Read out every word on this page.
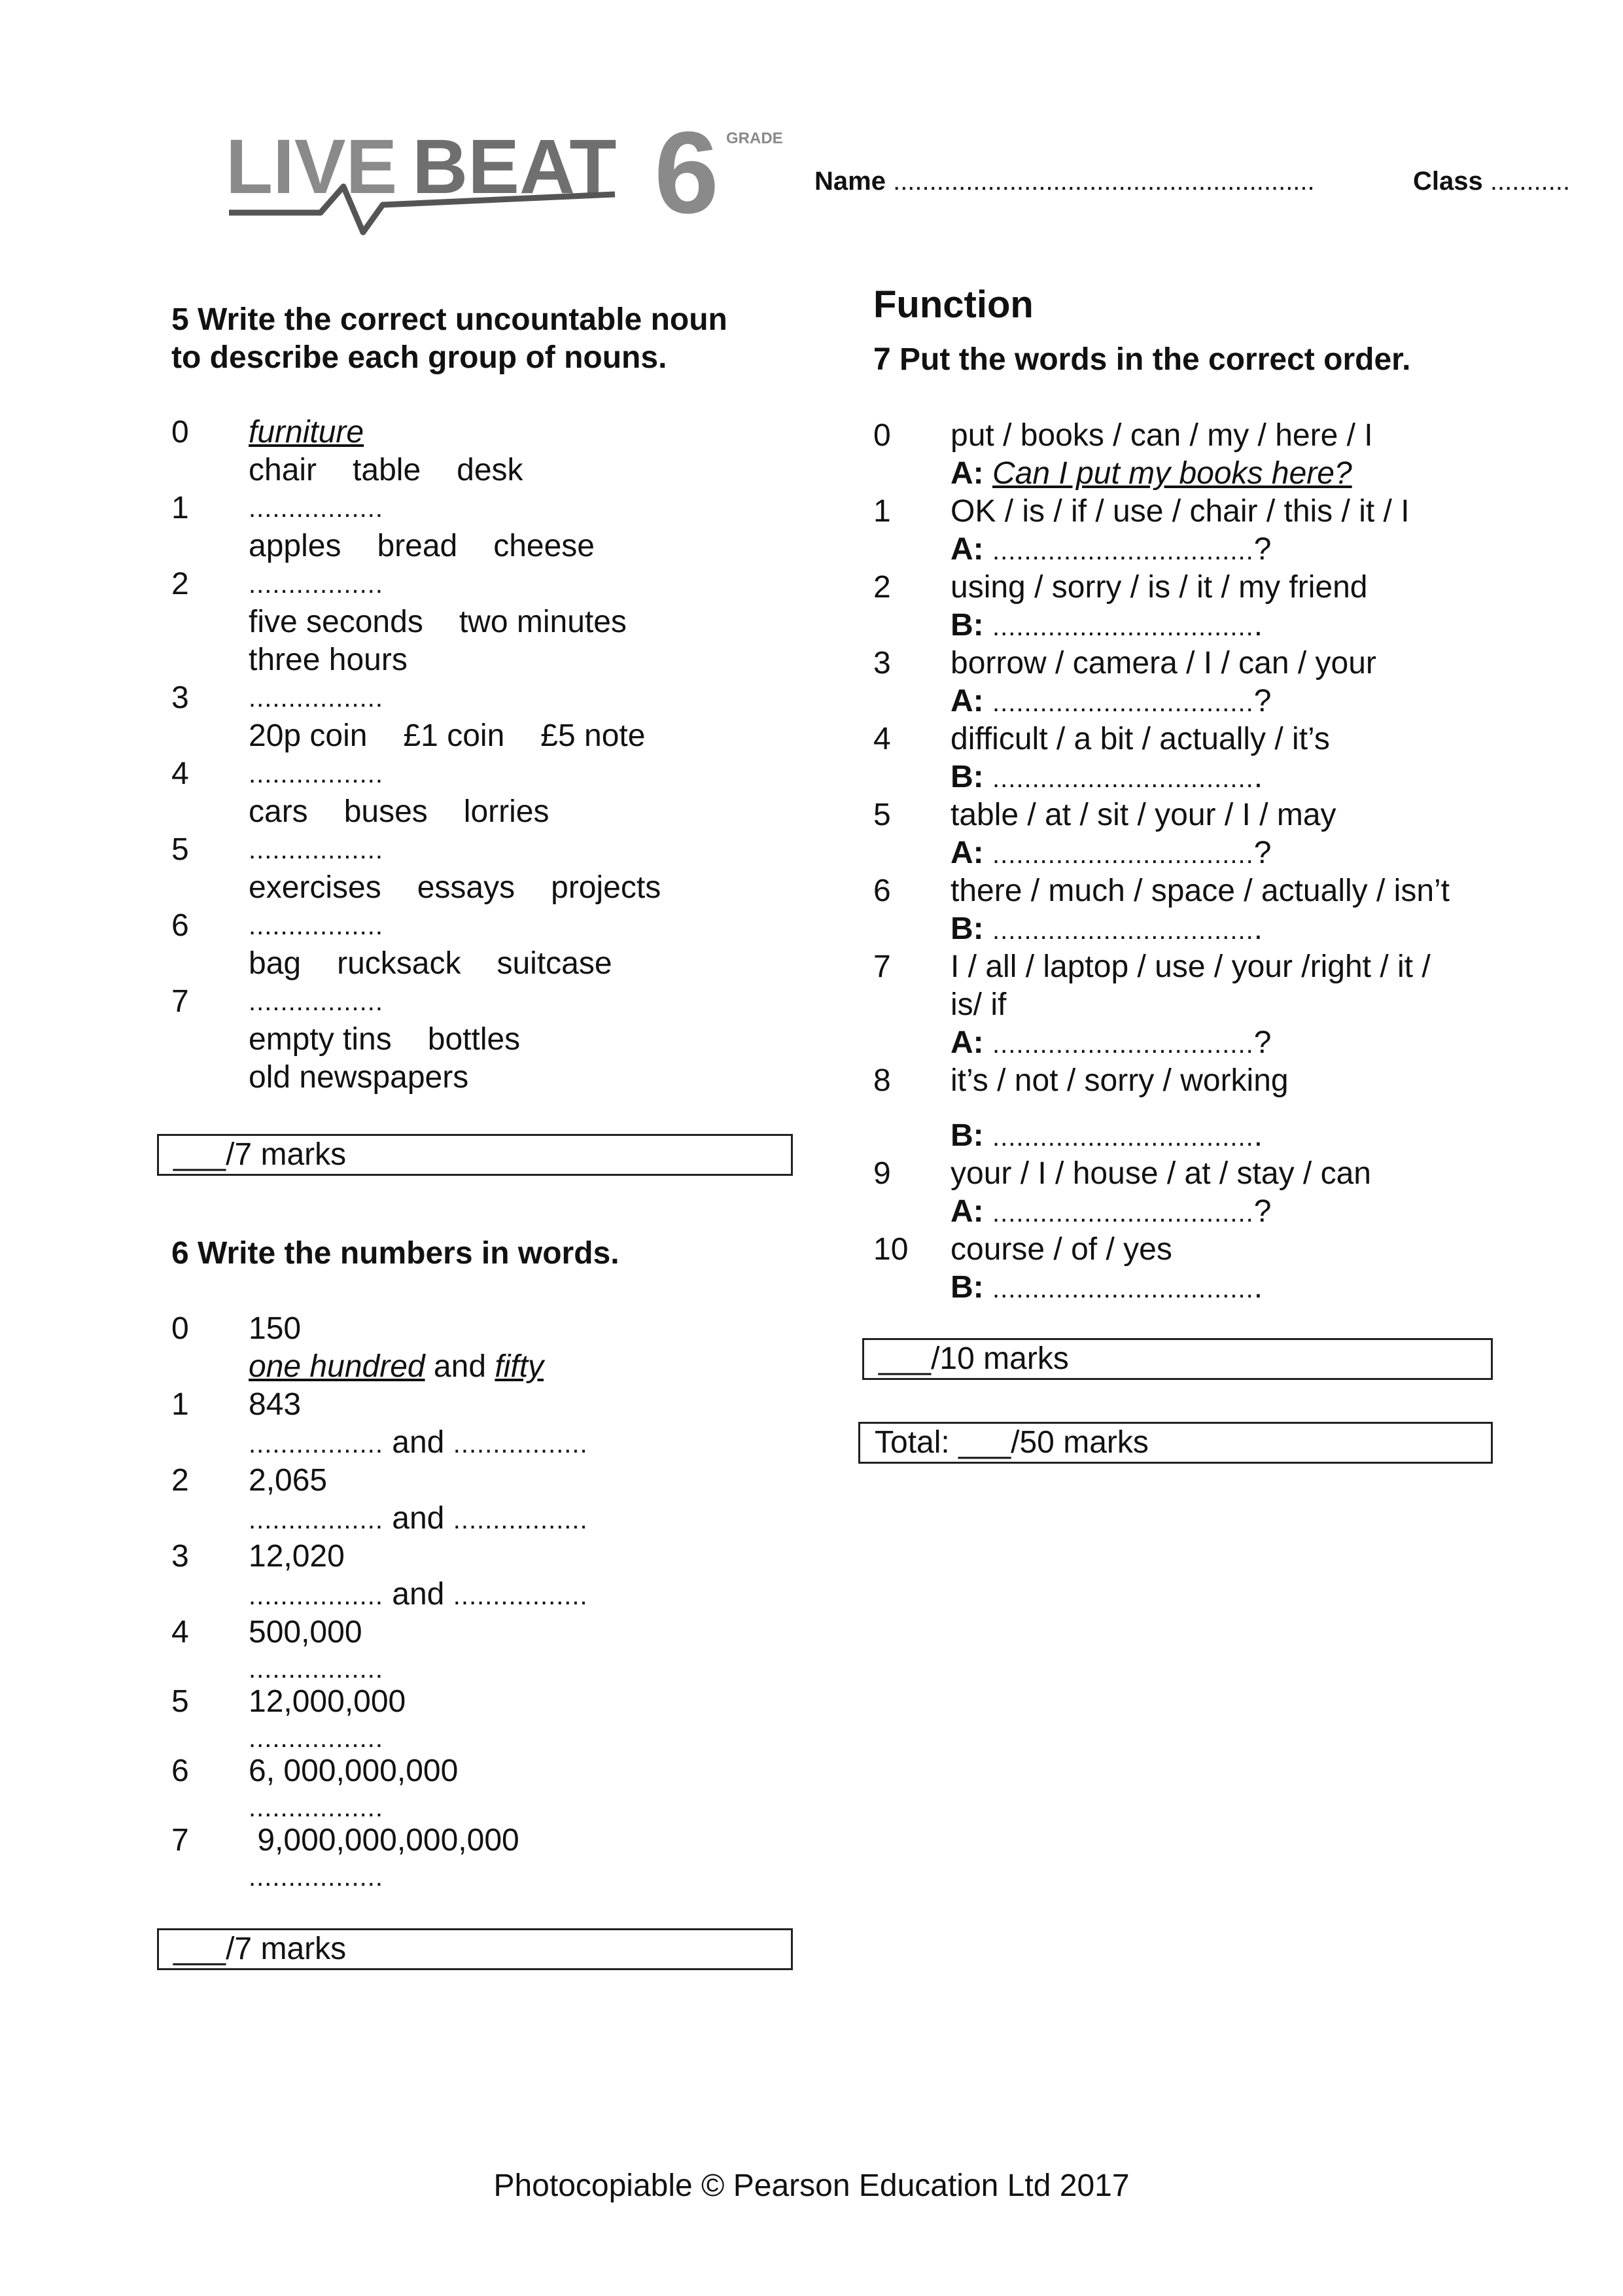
LIVE BEAT 6 GRADE
Name ..........................................................	Class ...........
5 Write the correct uncountable noun
to describe each group of nouns.
0 furniture
chair table desk
1 .................
apples bread cheese
2 .................
five seconds two minutes
three hours
3 .................
20p coin £1 coin £5 note
4 .................
cars buses lorries
5 .................
exercises essays projects
6 .................
bag rucksack suitcase
7 .................
empty tins bottles
old newspapers
___/7 marks
6 Write the numbers in words.
0 150
one hundred and fifty
1 843
................. and .................
2 2,065
................. and .................
3 12,020
................. and .................
4 500,000
.................
5 12,000,000
.................
6 6, 000,000,000
.................
7 9,000,000,000,000
.................
___/7 marks
Function
7 Put the words in the correct order.
0 put / books / can / my / here / I
A: Can I put my books here?
1 OK / is / if / use / chair / this / it / I
A: .................................?
2 using / sorry / is / it / my friend
B: ..................................
3 borrow / camera / I / can / your
A: .................................?
4 difficult / a bit / actually / it’s
B: ..................................
5 table / at / sit / your / I / may
A: .................................?
6 there / much / space / actually / isn’t
B: ..................................
7 I / all / laptop / use / your /right / it /
is/ if
A: .................................?
8 it’s / not / sorry / working
B: ..................................
9 your / I / house / at / stay / can
A: .................................?
10 course / of / yes
B: ..................................
___/10 marks
Total: ___/50 marks
Photocopiable © Pearson Education Ltd 2017
